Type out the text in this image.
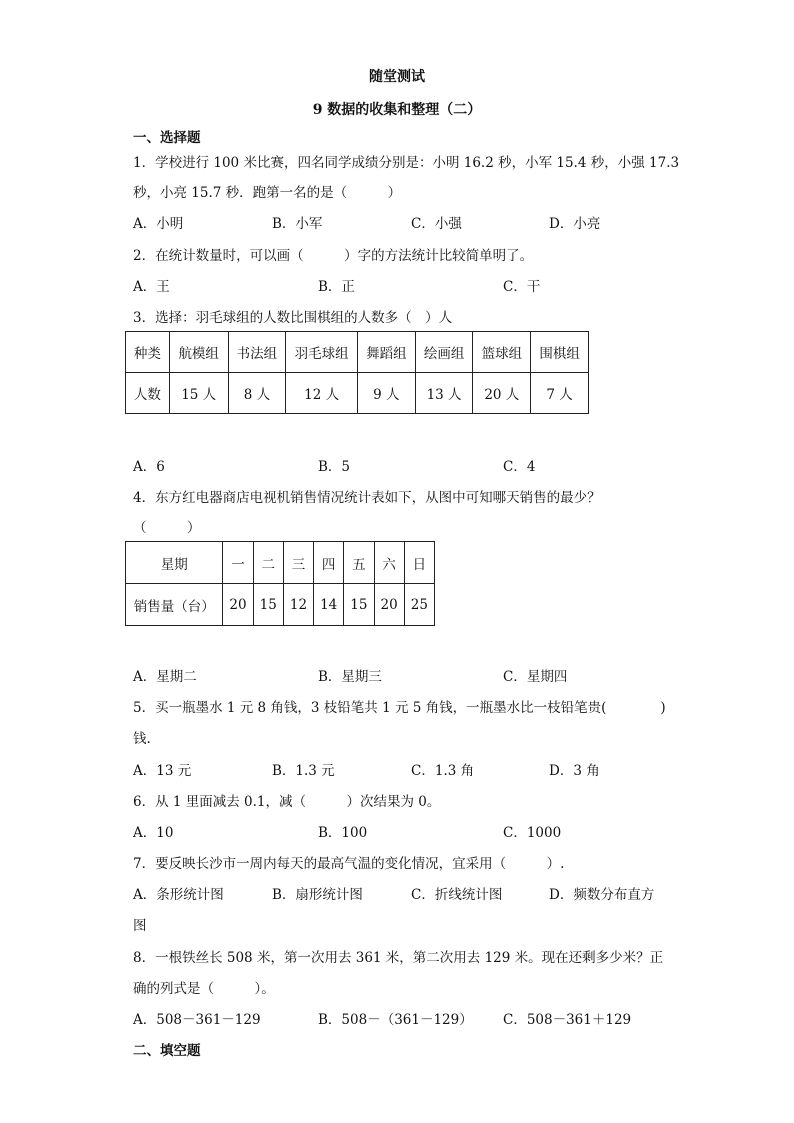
随堂测试
9 数据的收集和整理（二）
一、选择题
1．学校进行 100 米比赛，四名同学成绩分别是：小明 16.2 秒，小军 15.4 秒，小强 17.3
秒，小亮 15.7 秒．跑第一名的是（　　　）
A．小明	B．小军	C．小强	D．小亮
2．在统计数量时，可以画（　　　）字的方法统计比较简单明了。
A．王	B．正	C．干
3．选择：羽毛球组的人数比围棋组的人数多（　）人
种类	航模组	书法组	羽毛球组	舞蹈组	绘画组	篮球组	围棋组
人数	15 人	8 人	12 人	9 人	13 人	20 人	7 人
A．6	B．5	C．4
4．东方红电器商店电视机销售情况统计表如下，从图中可知哪天销售的最少？
（　　　）
星期	一	二	三	四	五	六	日
销售量（台）	20	15	12	14	15	20	25
A．星期二	B．星期三	C．星期四
5．买一瓶墨水 1 元 8 角钱，3 枝铅笔共 1 元 5 角钱，一瓶墨水比一枝铅笔贵(　　　　)
钱.
A．13 元	B．1.3 元	C．1.3 角	D．3 角
6．从 1 里面减去 0.1，减（　　　）次结果为 0。
A．10	B．100	C．1000
7．要反映长沙市一周内每天的最高气温的变化情况，宜采用（　　　）.
A．条形统计图	B．扇形统计图	C．折线统计图	D．频数分布直方
图
8．一根铁丝长 508 米，第一次用去 361 米，第二次用去 129 米。现在还剩多少米？正
确的列式是（　　　）。
A．508－361－129	B．508－（361－129） C．508－361＋129
二、填空题
